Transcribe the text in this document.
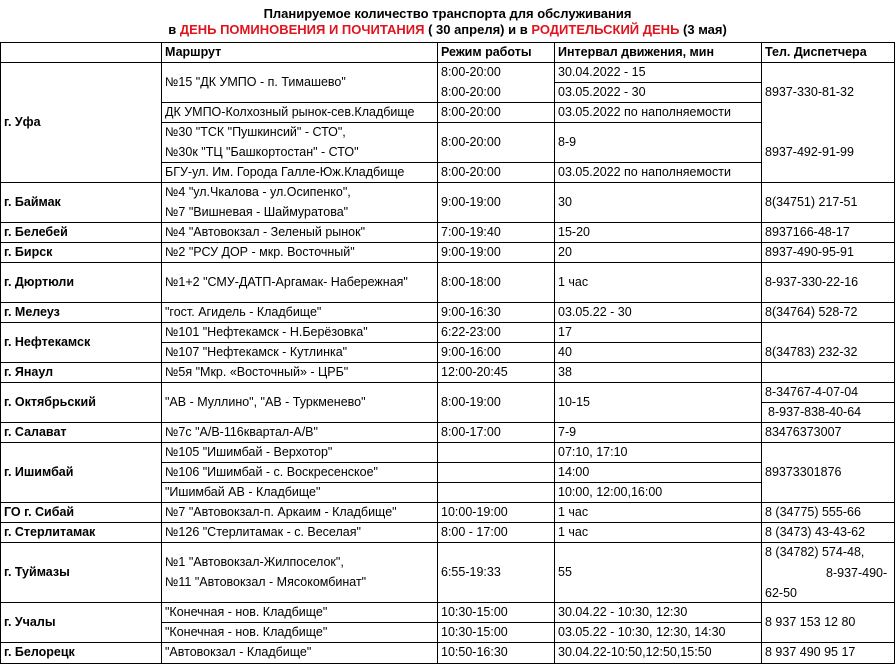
Планируемое количество транспорта для обслуживания
в ДЕНЬ ПОМИНОВЕНИЯ И ПОЧИТАНИЯ ( 30 апреля) и в РОДИТЕЛЬСКИЙ ДЕНЬ (3 мая)
Маршрут	Режим работы Интервал движения, мин	Тел. Диспетчера
г. Уфа
г. Баймак
г. Белебей
г. Бирск
г. Дюртюли
г. Мелеуз
г. Нефтекамск
г. Янаул
г. Октябрьский
г. Салават
г. Ишимбай
ГО г. Сибай
г. Стерлитамак
г. Туймазы
г. Учалы
г. Белорецк
№15 "ДК УМПО - п. Тимашево"
ДК УМПО-Колхозный рынок-сев.Кладбище
№30 "ТСК "Пушкинсий" - СТО",
№30к "ТЦ "Башкортостан" - СТО"
БГУ-ул. Им. Города Галле-Юж.Кладбище
№4 "ул.Чкалова - ул.Осипенко",
№7 "Вишневая - Шаймуратова"
№4 "Автовокзал - Зеленый рынок"
№2 "РСУ ДОР - мкр. Восточный"
№1+2 "СМУ-ДАТП-Аргамак- Набережная"
"гост. Агидель - Кладбище"
№101 "Нефтекамск - Н.Берёзовка"
№107 "Нефтекамск - Кутлинка"
№5я "Мкр. «Восточный» - ЦРБ"
"АВ - Муллино", "АВ - Туркменево"
№7с "А/В-116квартал-А/В"
№105 "Ишимбай - Верхотор"
№106 "Ишимбай - с. Воскресенское"
"Ишимбай АВ - Кладбище"
№7 "Автовокзал-п. Аркаим - Кладбище"
№126 "Стерлитамак - с. Веселая"
№1 "Автовокзал-Жилпоселок",
№11 "Автовокзал - Мясокомбинат"
"Конечная - нов. Кладбище"
"Конечная - нов. Кладбище"
"Автовокзал - Кладбище"
8:00-20:00
8:00-20:00
8:00-20:00
8:00-20:00
8:00-20:00
9:00-19:00
7:00-19:40
9:00-19:00
8:00-18:00
9:00-16:30
6:22-23:00
9:00-16:00
12:00-20:45
8:00-19:00
8:00-17:00
10:00-19:00
8:00 - 17:00
6:55-19:33
10:30-15:00
10:30-15:00
10:50-16:30
30.04.2022 - 15
03.05.2022 - 30
03.05.2022 по наполняемости
8-9
03.05.2022 по наполняемости
30
15-20
20
1 час
03.05.22 - 30
17
40
38
10-15
7-9
07:10, 17:10
14:00
10:00, 12:00,16:00
1 час
1 час
55
30.04.22 - 10:30, 12:30
03.05.22 - 10:30, 12:30, 14:30
30.04.22-10:50,12:50,15:50
8937-330-81-32
8937-492-91-99
8(34751) 217-51
8937166-48-17
8937-490-95-91
8-937-330-22-16
8(34764) 528-72
8(34783) 232-32
8-34767-4-07-04
8-937-838-40-64
83476373007
89373301876
8 (34775) 555-66
8 (3473) 43-43-62
8 (34782) 574-48,
8-937-490-
62-50
8 937 153 12 80
8 937 490 95 17
